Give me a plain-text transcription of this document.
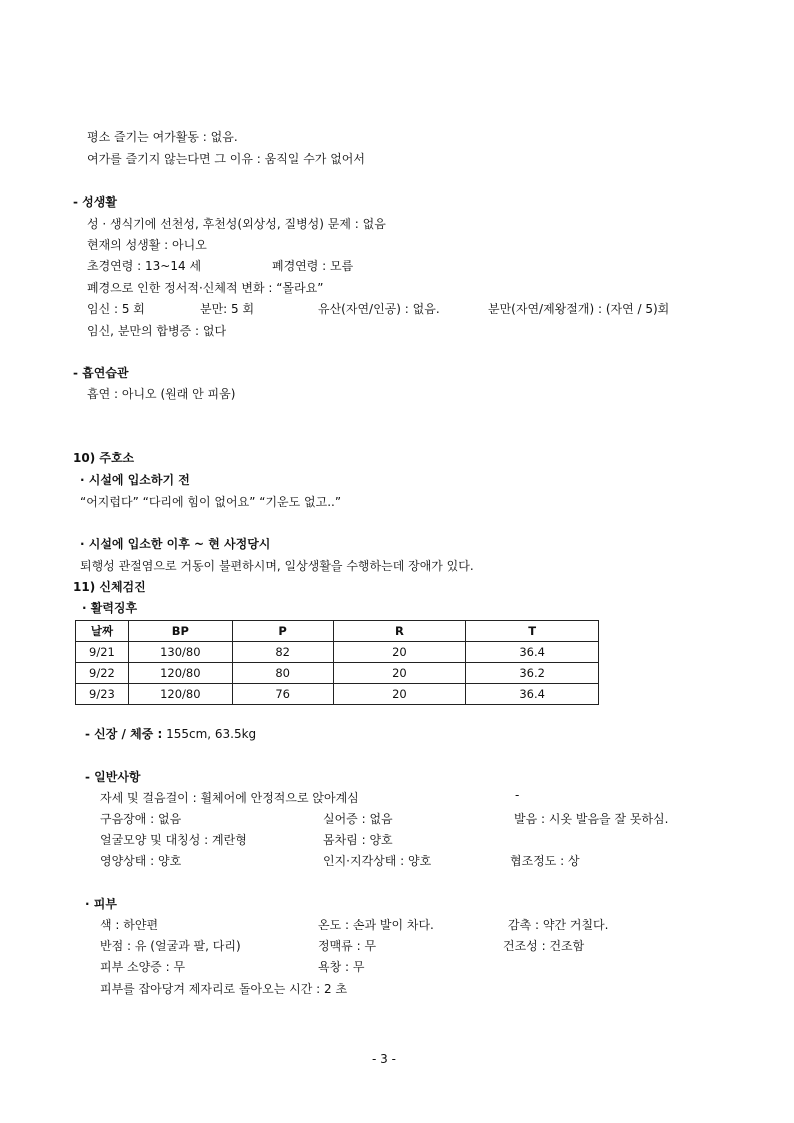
평소 즐기는 여가활동 : 없음.
여가를 즐기지 않는다면 그 이유 : 움직일 수가 없어서
- 성생활
성 · 생식기에 선천성, 후천성(외상성, 질병성) 문제 : 없음
현재의 성생활 : 아니오
초경연령 : 13~14 세	폐경연령 : 모름
폐경으로 인한 정서적·신체적 변화 : “몰라요”
임신 : 5 회	분만: 5 회	유산(자연/인공) : 없음.	분만(자연/제왕절개) : (자연 / 5)회
임신, 분만의 합병증 : 없다
- 흡연습관
흡연 : 아니오 (원래 안 피움)
10) 주호소
· 시설에 입소하기 전
“어지럽다” “다리에 힘이 없어요” “기운도 없고..”
· 시설에 입소한 이후 ~ 현 사정당시
퇴행성 관절염으로 거동이 불편하시며, 일상생활을 수행하는데 장애가 있다.
11) 신체검진
· 활력징후
날짜	BP	P	R	T
9/21	130/80	82	20	36.4
9/22	120/80	80	20	36.2
9/23	120/80	76	20	36.4
- 신장 / 체중 : 155cm, 63.5kg
- 일반사항
자세 및 걸음걸이 : 휠체어에 안정적으로 앉아계심	-
구음장애 : 없음	실어증 : 없음	발음 : 시옷 발음을 잘 못하심.
얼굴모양 및 대칭성 : 계란형	몸차림 : 양호
영양상태 : 양호	인지·지각상태 : 양호	협조정도 : 상
· 피부
색 : 하얀편	온도 : 손과 발이 차다.	감촉 : 약간 거칠다.
반점 : 유 (얼굴과 팔, 다리)	정맥류 : 무	건조성 : 건조함
피부 소양증 : 무	욕창 : 무
피부를 잡아당겨 제자리로 돌아오는 시간 : 2 초
- 3 -
